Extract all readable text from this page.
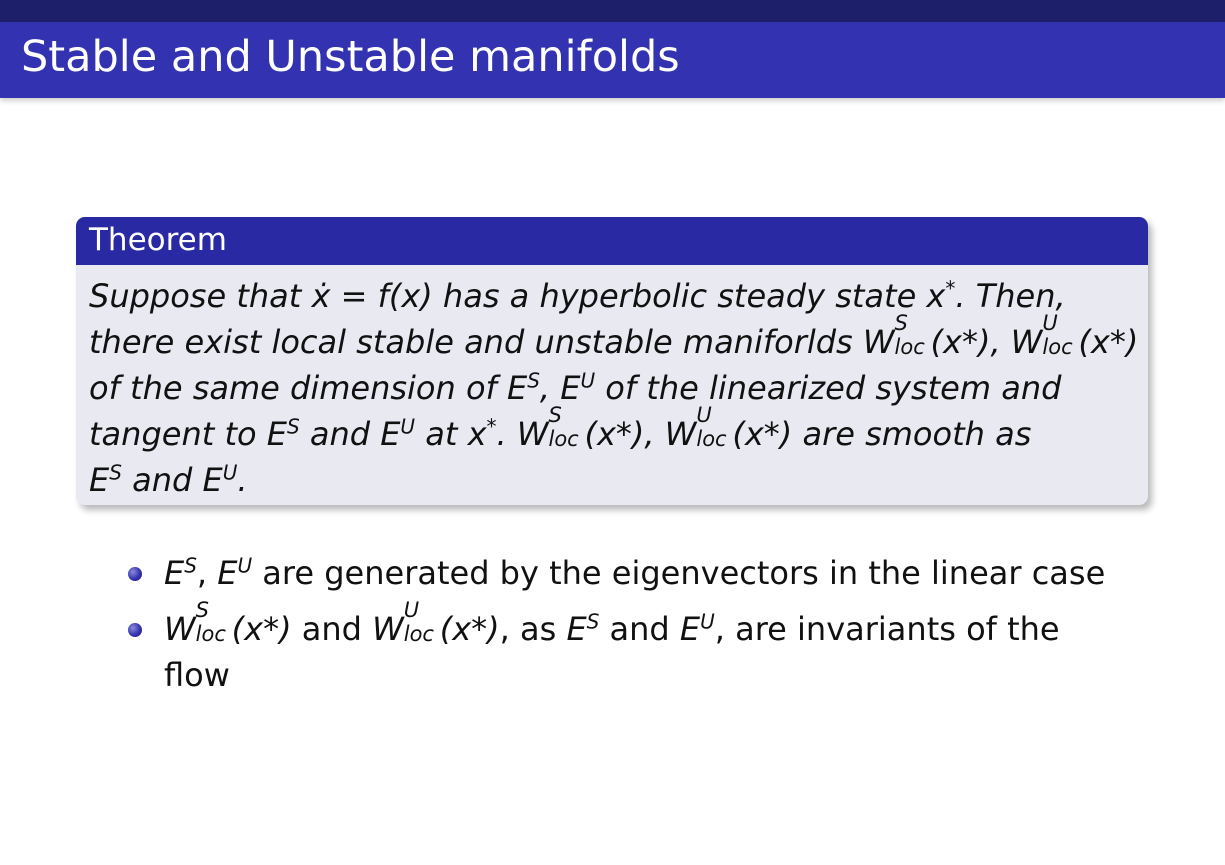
Stable and Unstable manifolds
Theorem
Suppose that ẋ = f(x) has a hyperbolic steady state x*. Then,
there exist local stable and unstable maniforlds W S
loc (x*), W U
loc (x*)
of the same dimension of $E^S$, $E^U$ of the linearized system and
tangent to $E^S$ and $E^U$ at x*. W S
loc (x*), W U
loc (x*) are smooth as
$E^S$ and $E^U$.
$E^S$, $E^U$ are generated by the eigenvectors in the linear case
W S
loc (x*) and W U
loc (x*), as $E^S$ and $E^U$, are invariants of the
flow
